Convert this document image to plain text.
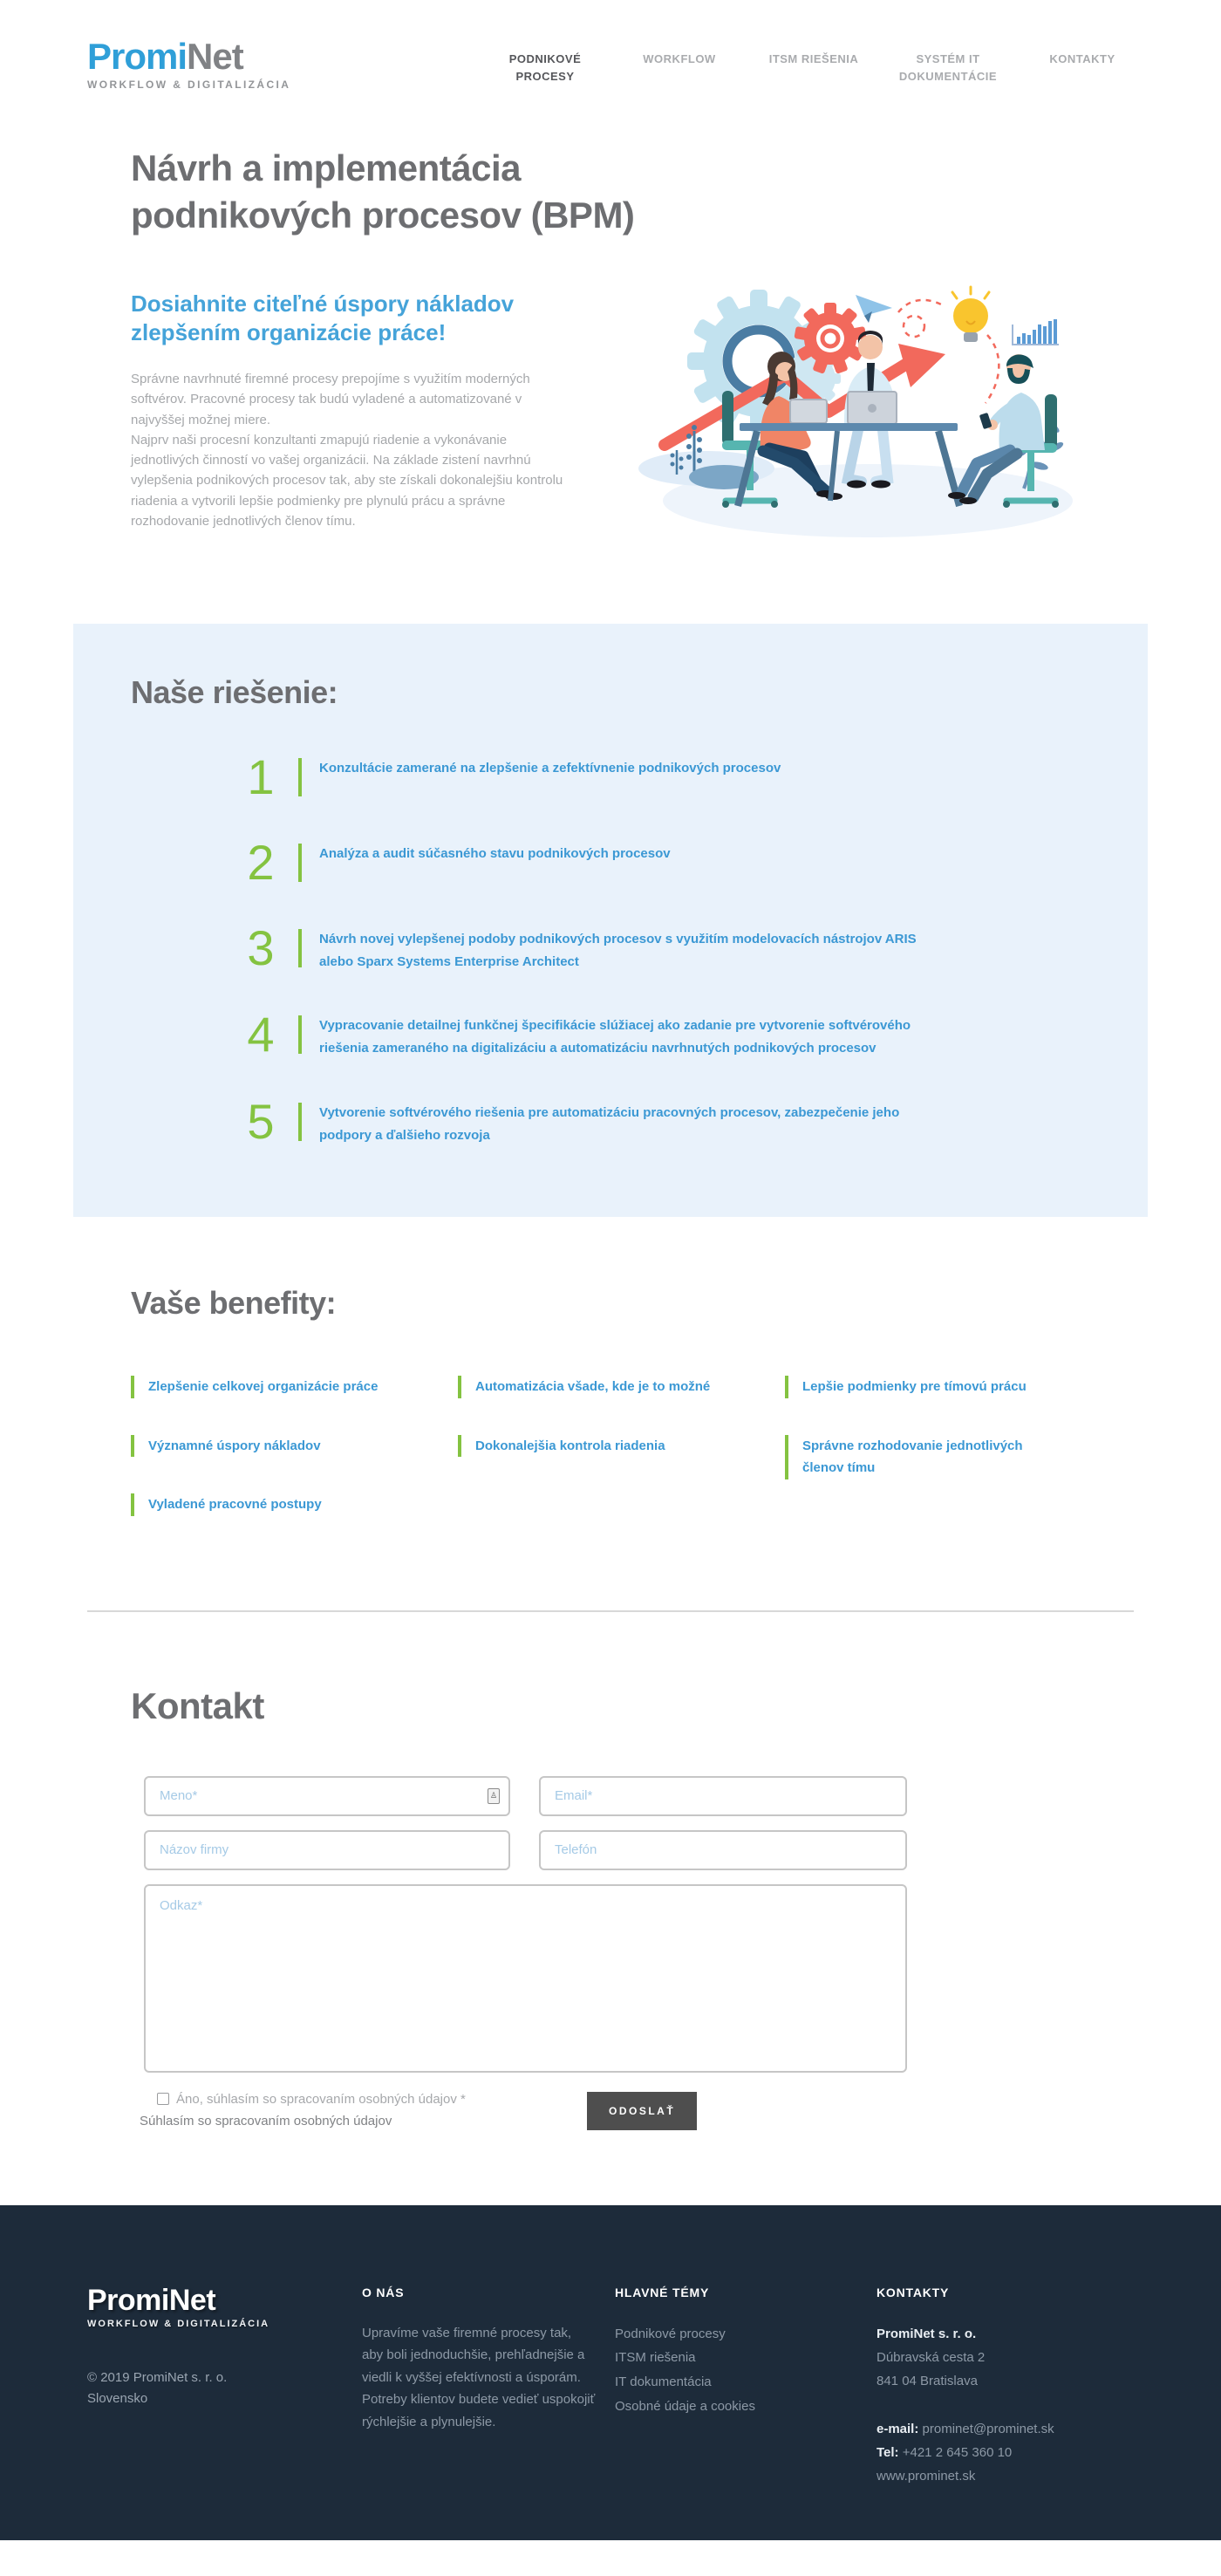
PromiNet
WORKFLOW & DIGITALIZÁCIA
PODNIKOVÉ PROCESY
WORKFLOW	ITSM RIEŠENIA	SYSTÉM IT DOKUMENTÁCIE
KONTAKTY
Návrh a implementácia podnikových procesov (BPM)
Dosiahnite citeľné úspory nákladov zlepšením organizácie práce!

Správne navrhnuté firemné procesy prepojíme s využitím moderných softvérov. Pracovné procesy tak budú vyladené a automatizované v najvyššej možnej miere.

Najprv naši procesní konzultanti zmapujú riadenie a vykonávanie jednotlivých činností vo vašej organizácii. Na základe zistení navrhnú vylepšenia podnikových procesov tak, aby ste získali dokonalejšiu kontrolu riadenia a vytvorili lepšie podmienky pre plynulú prácu a správne rozhodovanie jednotlivých členov tímu.

Naše riešenie:
1	Konzultácie zamerané na zlepšenie a zefektívnenie podnikových procesov
2	Analýza a audit súčasného stavu podnikových procesov
3	Návrh novej vylepšenej podoby podnikových procesov s využitím modelovacích nástrojov ARIS alebo Sparx Systems Enterprise Architect
4	Vypracovanie detailnej funkčnej špecifikácie slúžiacej ako zadanie pre vytvorenie softvérového riešenia zameraného na digitalizáciu a automatizáciu navrhnutých podnikových procesov
5	Vytvorenie softvérového riešenia pre automatizáciu pracovných procesov, zabezpečenie jeho podpory a ďalšieho rozvoja
Vaše benefity:
Zlepšenie celkovej organizácie práce
Významné úspory nákladov
Vyladené pracovné postupy
Automatizácia všade, kde je to možné
Dokonalejšia kontrola riadenia
Lepšie podmienky pre tímovú prácu
Správne rozhodovanie jednotlivých členov tímu
Kontakt
Meno*
♙
Email*
Názov firmy
Telefón
Odkaz*
Áno, súhlasím so spracovaním osobných údajov *
Súhlasím so spracovaním osobných údajov
ODOSLAŤ
PromiNet
WORKFLOW & DIGITALIZÁCIA
© 2019 PromiNet s. r. o.
Slovensko
O NÁS

Upravíme vaše firemné procesy tak, aby boli jednoduchšie, prehľadnejšie a viedli k vyššej efektívnosti a úsporám. Potreby klientov budete vedieť uspokojiť rýchlejšie a plynulejšie.

HLAVNÉ TÉMY
Podnikové procesy
ITSM riešenia
IT dokumentácia
Osobné údaje a cookies
KONTAKTY
PromiNet s. r. o.
Dúbravská cesta 2
841 04 Bratislava
e-mail: prominet@prominet.sk
Tel: +421 2 645 360 10
www.prominet.sk
